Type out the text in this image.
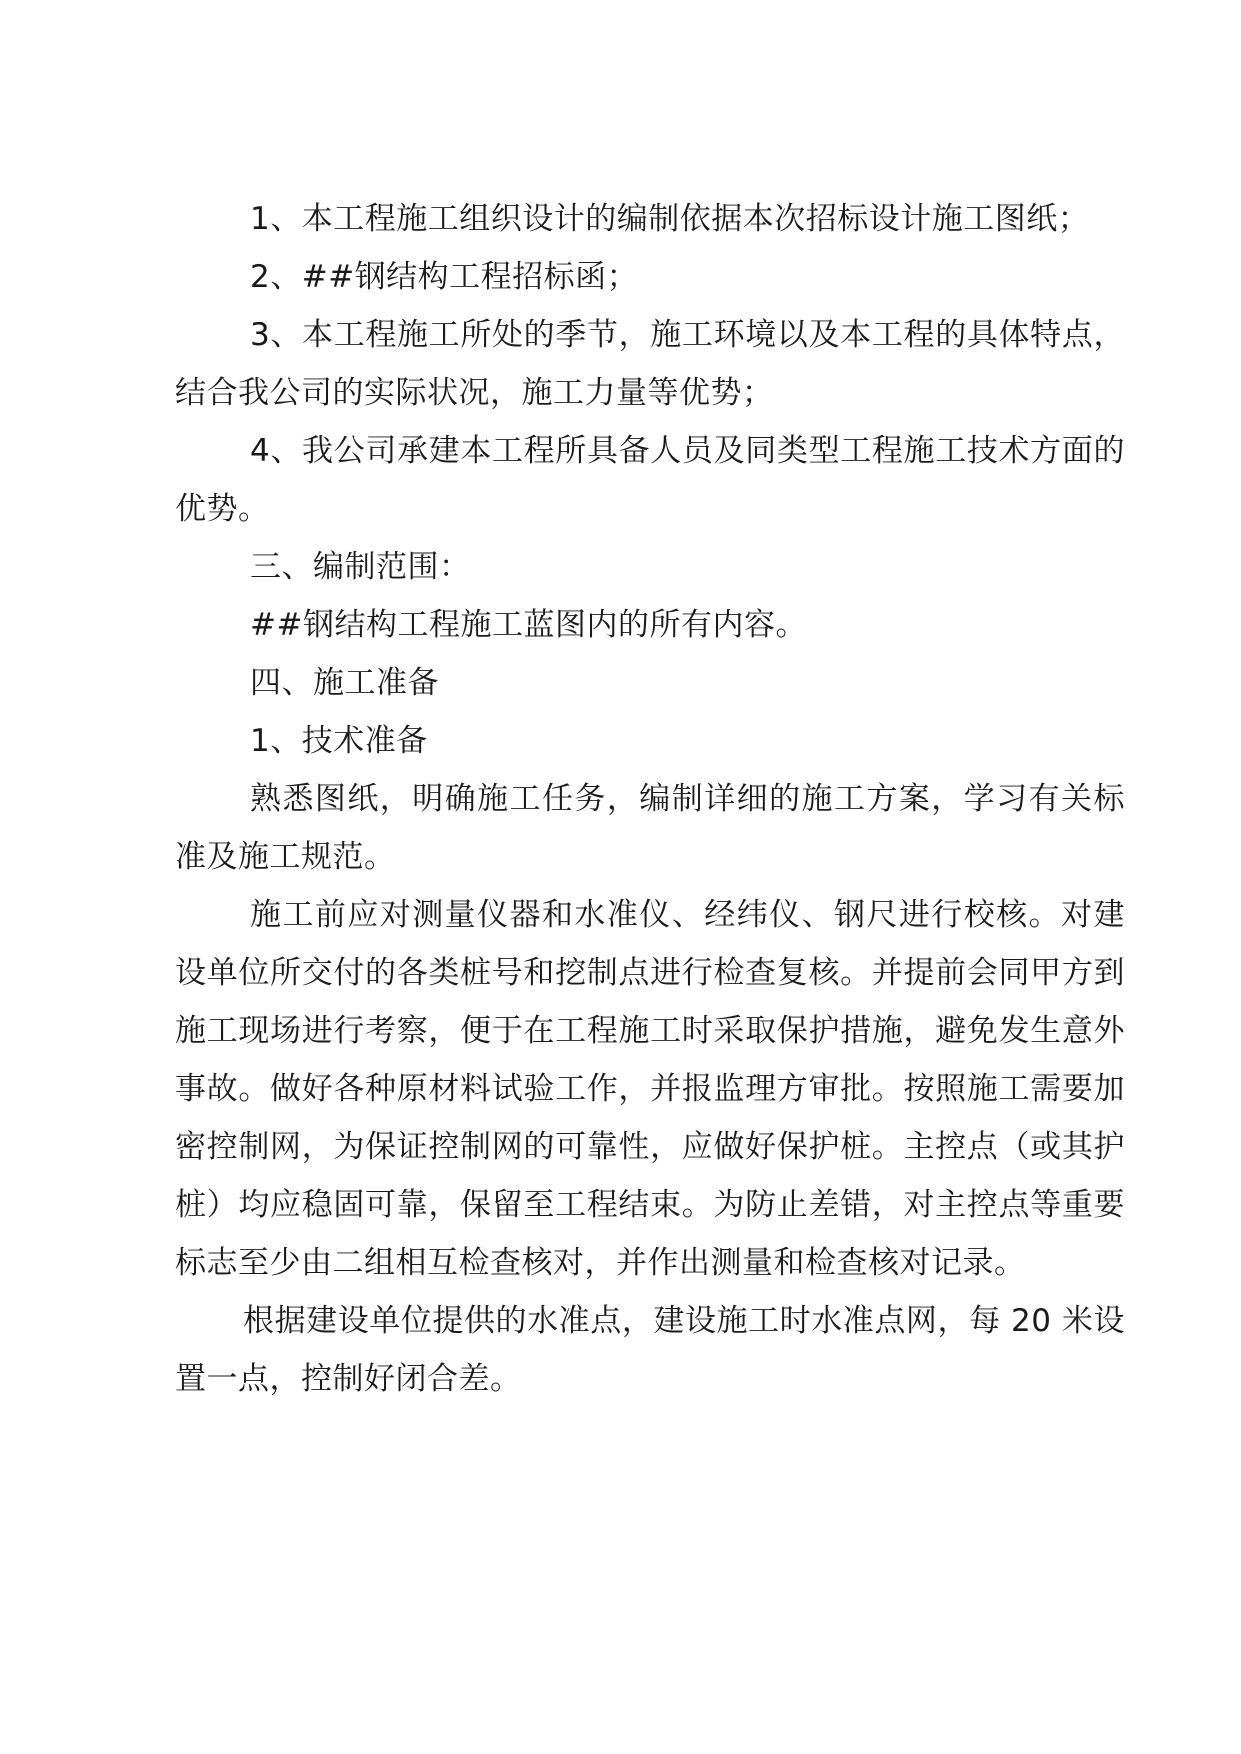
1、本工程施工组织设计的编制依据本次招标设计施工图纸；

2、##钢结构工程招标函；

3、本工程施工所处的季节，施工环境以及本工程的具体特点，结合我公司的实际状况，施工力量等优势；

4、我公司承建本工程所具备人员及同类型工程施工技术方面的优势。

三、编制范围：

##钢结构工程施工蓝图内的所有内容。

四、施工准备

1、技术准备

熟悉图纸，明确施工任务，编制详细的施工方案，学习有关标准及施工规范。

施工前应对测量仪器和水准仪、经纬仪、钢尺进行校核。对建设单位所交付的各类桩号和挖制点进行检查复核。并提前会同甲方到施工现场进行考察，便于在工程施工时采取保护措施，避免发生意外事故。做好各种原材料试验工作，并报监理方审批。按照施工需要加密控制网，为保证控制网的可靠性，应做好保护桩。主控点（或其护桩）均应稳固可靠，保留至工程结束。为防止差错，对主控点等重要标志至少由二组相互检查核对，并作出测量和检查核对记录。

根据建设单位提供的水准点，建设施工时水准点网，每 20 米设置一点，控制好闭合差。
